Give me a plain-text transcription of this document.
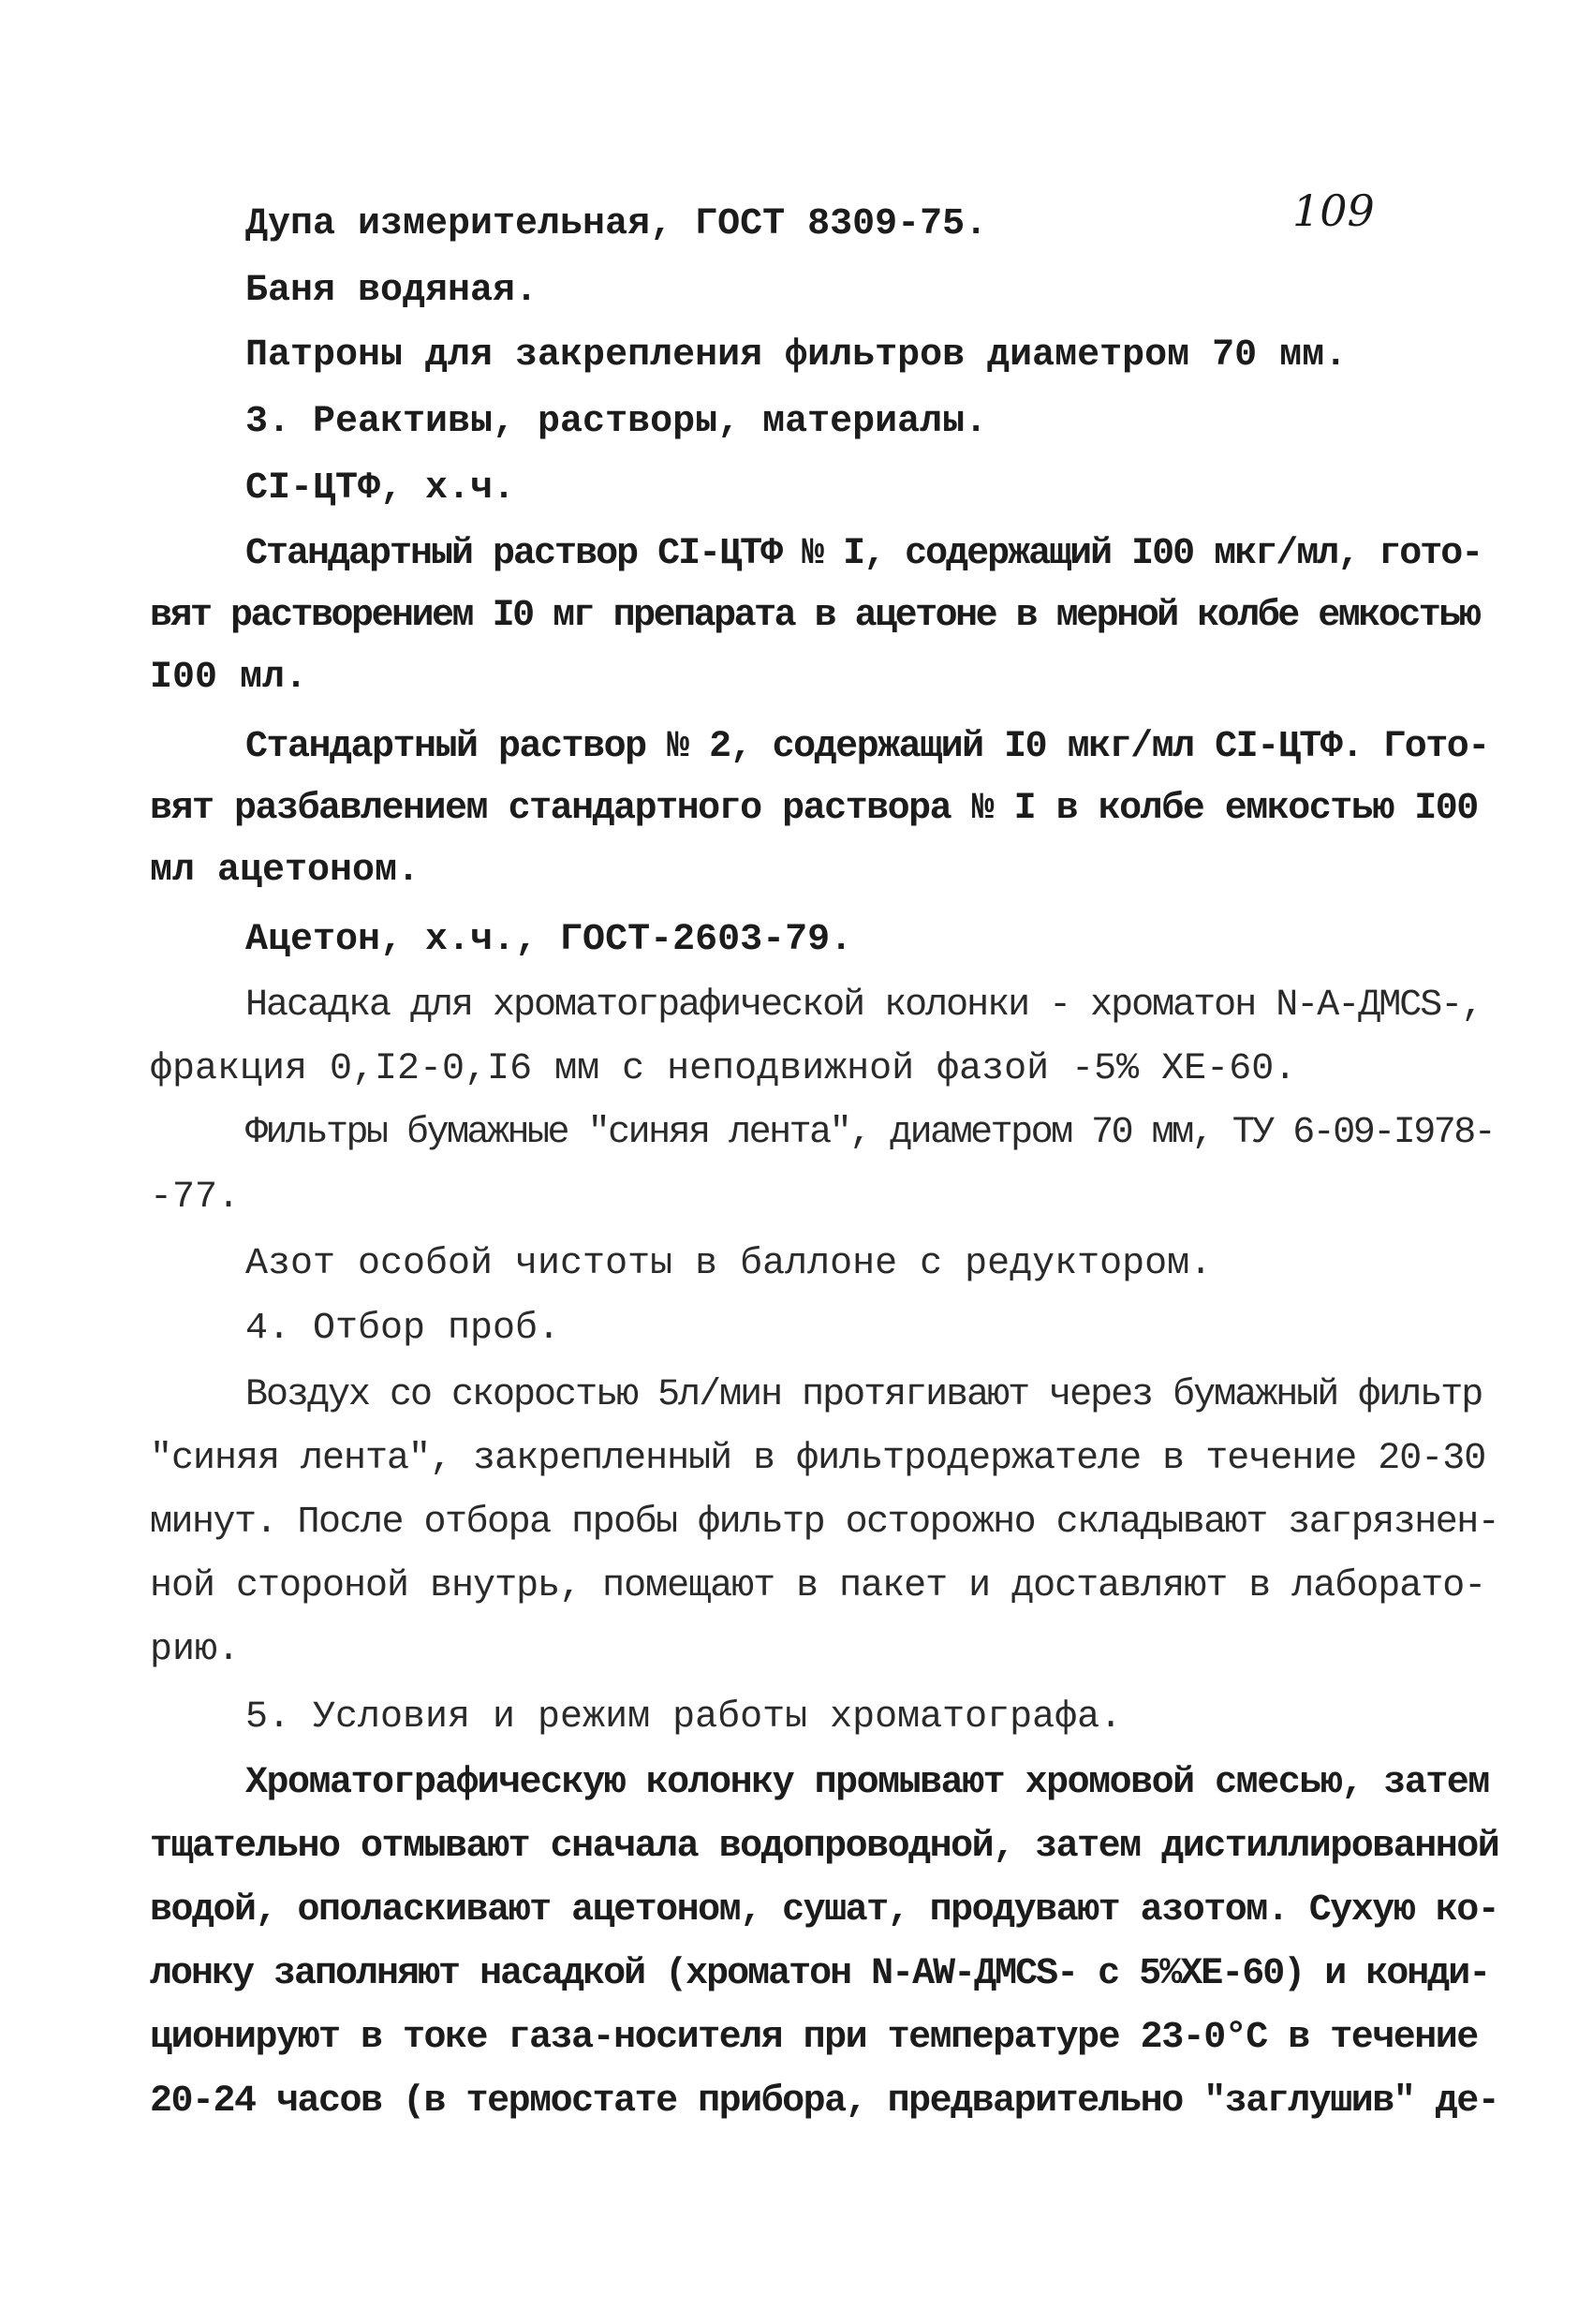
109
Дупа измерительная, ГОСТ 8309-75.
Баня водяная.
Патроны для закрепления фильтров диаметром 70 мм.
3. Реактивы, растворы, материалы.
СI-ЦТФ, х.ч.
Стандартный раствор СI-ЦТФ № I, содержащий I00 мкг/мл, гото-
вят растворением I0 мг препарата в ацетоне в мерной колбе емкостью
I00 мл.
Стандартный раствор № 2, содержащий I0 мкг/мл СI-ЦТФ. Гото-
вят разбавлением стандартного раствора № I в колбе емкостью I00
мл ацетоном.
Ацетон, х.ч., ГОСТ-2603-79.
Насадка для хроматографической колонки - хроматон N-A-ДМСS-,
фракция 0,I2-0,I6 мм с неподвижной фазой -5% XE-60.
Фильтры бумажные "синяя лента", диаметром 70 мм, ТУ 6-09-I978-
-77.
Азот особой чистоты в баллоне с редуктором.
4. Отбор проб.
Воздух со скоростью 5л/мин протягивают через бумажный фильтр
"синяя лента", закрепленный в фильтродержателе в течение 20-30
минут. После отбора пробы фильтр осторожно складывают загрязнен-
ной стороной внутрь, помещают в пакет и доставляют в лаборато-
рию.
5. Условия и режим работы хроматографа.
Хроматографическую колонку промывают хромовой смесью, затем
тщательно отмывают сначала водопроводной, затем дистиллированной
водой, ополаскивают ацетоном, сушат, продувают азотом. Сухую ко-
лонку заполняют насадкой (хроматон N-AW-ДМСS- с 5%XE-60) и конди-
ционируют в токе газа-носителя при температуре 23-0°С в течение
20-24 часов (в термостате прибора, предварительно "заглушив" де-
